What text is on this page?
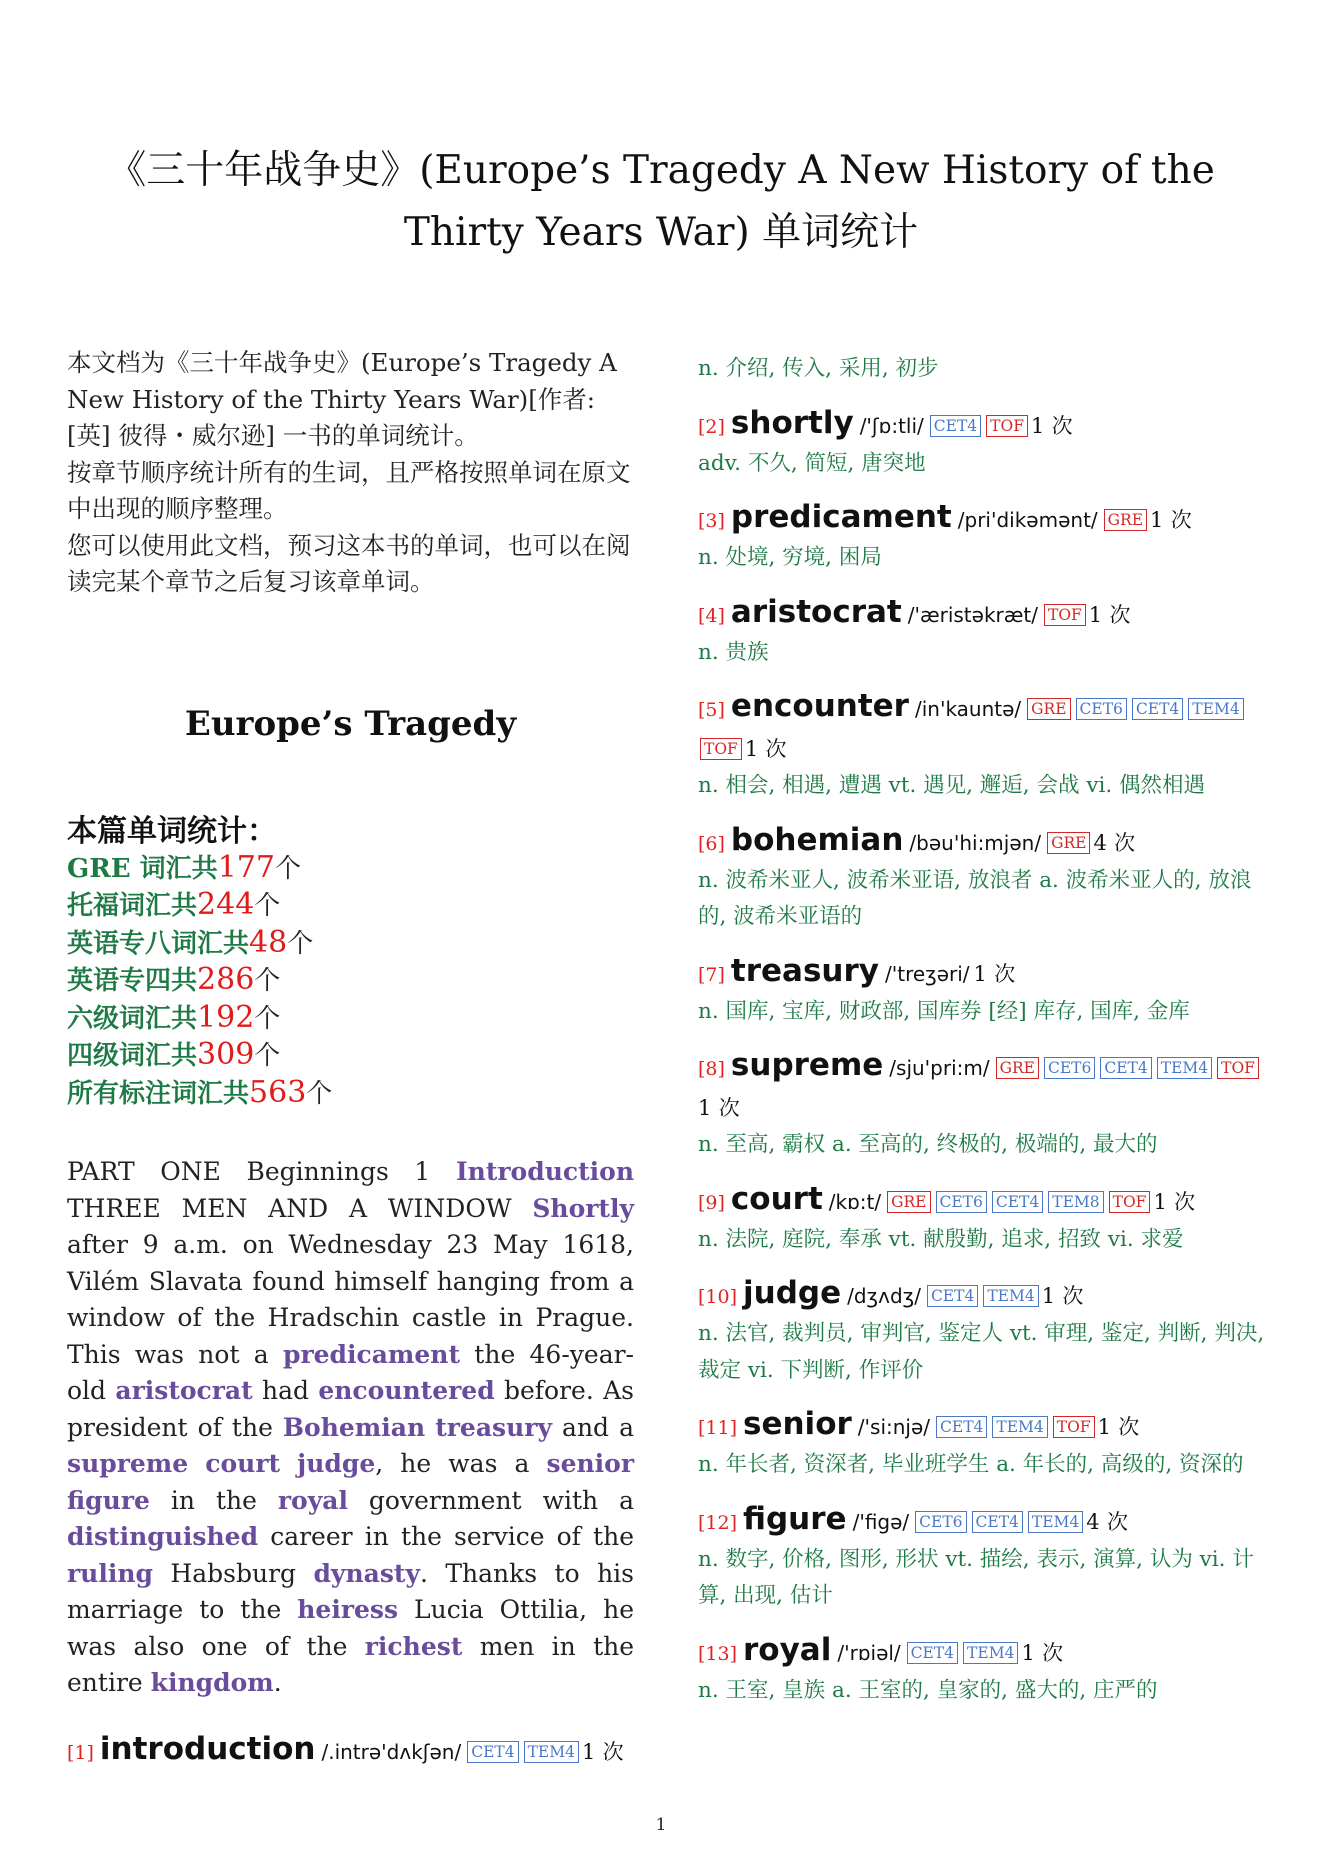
《三十年战争史》(Europe’s Tragedy A New History of the Thirty Years War) 单词统计
本文档为《三十年战争史》(Europe’s Tragedy A New History of the Thirty Years War)[作者: [英] 彼得・威尔逊] 一书的单词统计。
按章节顺序统计所有的生词，且严格按照单词在原文中出现的顺序整理。
您可以使用此文档，预习这本书的单词，也可以在阅读完某个章节之后复习该章单词。
Europe’s Tragedy
本篇单词统计：
GRE 词汇共177个
托福词汇共244个
英语专八词汇共48个
英语专四共286个
六级词汇共192个
四级词汇共309个
所有标注词汇共563个
PART ONE Beginnings 1 Introduction THREE MEN AND A WINDOW Shortly after 9 a.m. on Wednesday 23 May 1618, Vilém Slavata found himself hanging from a window of the Hradschin castle in Prague. This was not a predicament the 46-year-old aristocrat had encountered before. As president of the Bohemian treasury and a supreme court judge, he was a senior figure in the royal government with a distinguished career in the service of the ruling Habsburg dynasty. Thanks to his marriage to the heiress Lucia Ottilia, he was also one of the richest men in the entire kingdom.
[1] introduction /.intrə'dʌkʃən/ CET4 TEM4 1 次
n. 介绍, 传入, 采用, 初步
[2] shortly /'ʃɒ:tli/ CET4 TOF 1 次
adv. 不久, 简短, 唐突地
[3] predicament /pri'dikəmənt/ GRE 1 次
n. 处境, 穷境, 困局
[4] aristocrat /'æristəkræt/ TOF 1 次
n. 贵族
[5] encounter /in'kauntə/ GRE CET6 CET4 TEM4TOF 1 次
n. 相会, 相遇, 遭遇 vt. 遇见, 邂逅, 会战 vi. 偶然相遇
[6] bohemian /bəu'hi:mjən/ GRE 4 次
n. 波希米亚人, 波希米亚语, 放浪者 a. 波希米亚人的, 放浪的, 波希米亚语的
[7] treasury /'treʒəri/ 1 次
n. 国库, 宝库, 财政部, 国库券 [经] 库存, 国库, 金库
[8] supreme /sju'pri:m/ GRE CET6 CET4 TEM4 TOF1 次
n. 至高, 霸权 a. 至高的, 终极的, 极端的, 最大的
[9] court /kɒ:t/ GRE CET6 CET4 TEM8 TOF 1 次
n. 法院, 庭院, 奉承 vt. 献殷勤, 追求, 招致 vi. 求爱
[10] judge /dʒʌdʒ/ CET4 TEM4 1 次
n. 法官, 裁判员, 审判官, 鉴定人 vt. 审理, 鉴定, 判断, 判决, 裁定 vi. 下判断, 作评价
[11] senior /'si:njə/ CET4 TEM4 TOF 1 次
n. 年长者, 资深者, 毕业班学生 a. 年长的, 高级的, 资深的
[12] figure /'figə/ CET6 CET4 TEM4 4 次
n. 数字, 价格, 图形, 形状 vt. 描绘, 表示, 演算, 认为 vi. 计算, 出现, 估计
[13] royal /'rɒiəl/ CET4 TEM4 1 次
n. 王室, 皇族 a. 王室的, 皇家的, 盛大的, 庄严的
1
